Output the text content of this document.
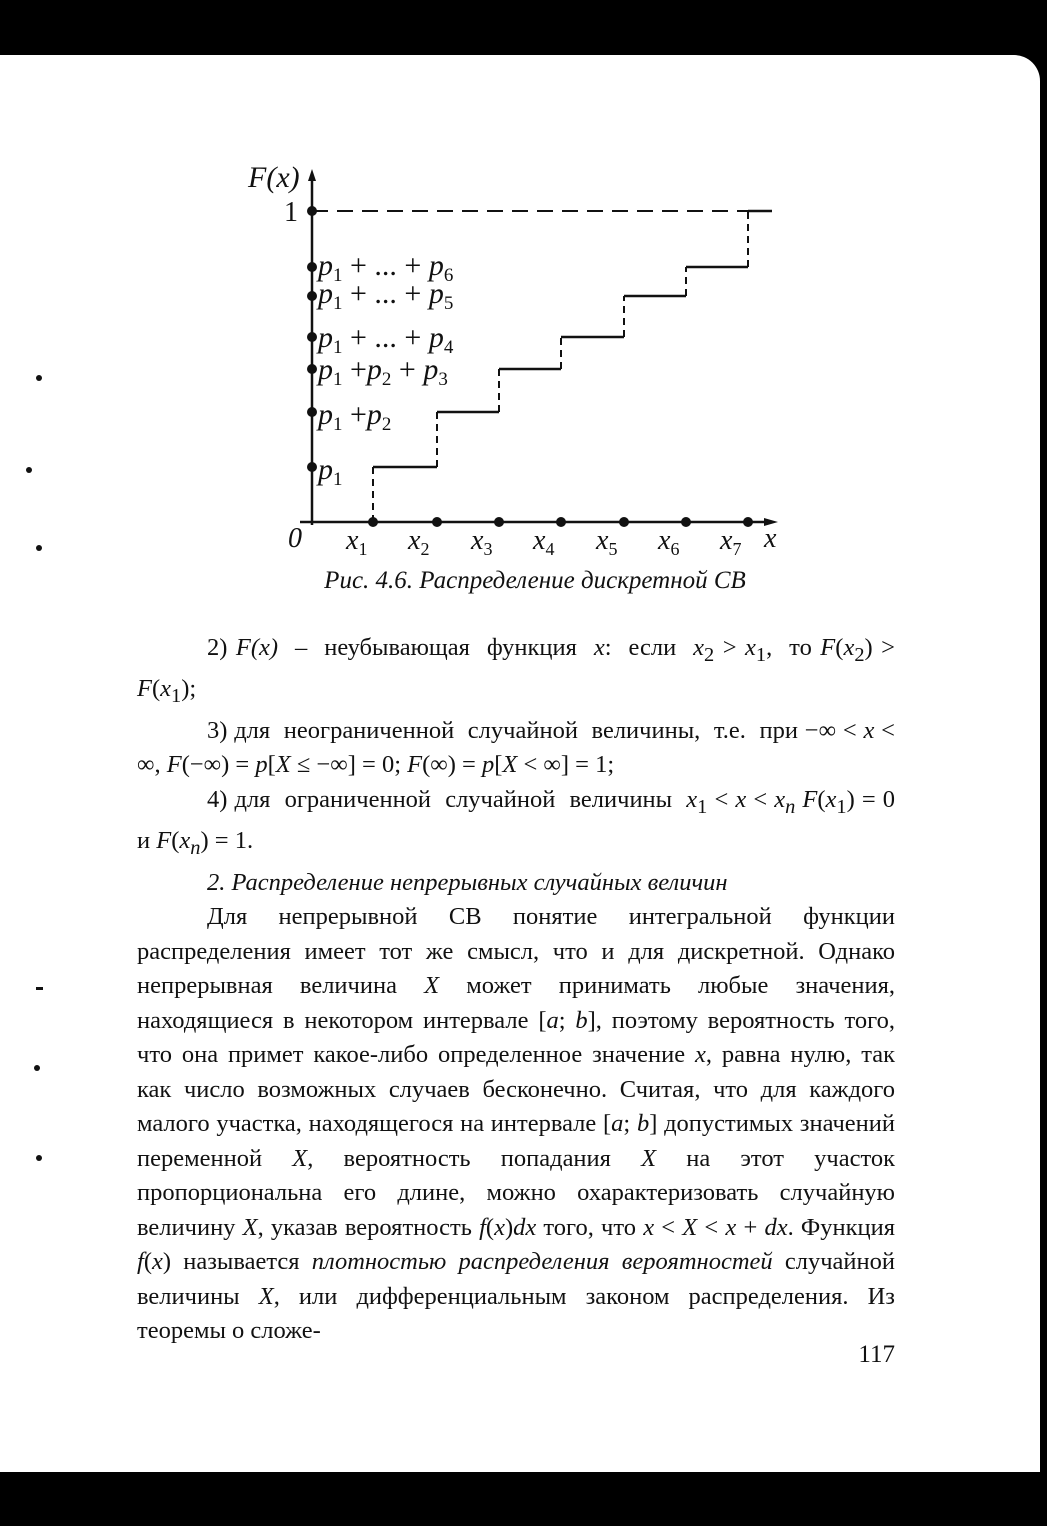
F(x)
1
0	x
$x_1$ $x_2$ $x_3$ $x_4$ $x_5$ $x_6$ $x_7$
$p_1$
$p_1 +p_2$
$p_1 +p_2 + p_3$
$p_1$ + ... + $p_4$
$p_1$ + ... + $p_5$
$p_1$ + ... + $p_6$

Рис. 4.6. Распределение дискретной СВ

2) F(x)  –  неубывающая  функция  x:  если  $x_2 > x_1$,  то $F(x_2) > F(x_1)$;

3) для  неограниченной  случайной  величины,  т.е.  при −∞ < x < ∞, F(−∞) = p[X ≤ −∞] = 0; F(∞) = p[X < ∞] = 1;

4) для  ограниченной  случайной  величины  $x_1 < x < x_n$ $F(x_1) = 0$ и $F(x_n) = 1$.

2. Распределение непрерывных случайных величин

Для непрерывной СВ понятие интегральной функции распределения имеет тот же смысл, что и для дискретной. Однако непрерывная величина X может принимать любые значения, находящиеся в некотором интервале [a; b], поэтому вероятность того, что она примет какое-либо определенное значение x, равна нулю, так как число возможных случаев бесконечно. Считая, что для каждого малого участка, находящегося на интервале [a; b] допустимых значений переменной X, вероятность попадания X на этот участок пропорциональна его длине, можно охарактеризовать случайную величину X, указав вероятность f(x)dx того, что x < X < x + dx. Функция f(x) называется плотностью распределения вероятностей случайной величины X, или дифференциальным законом распределения. Из теоремы о сложе-

117
